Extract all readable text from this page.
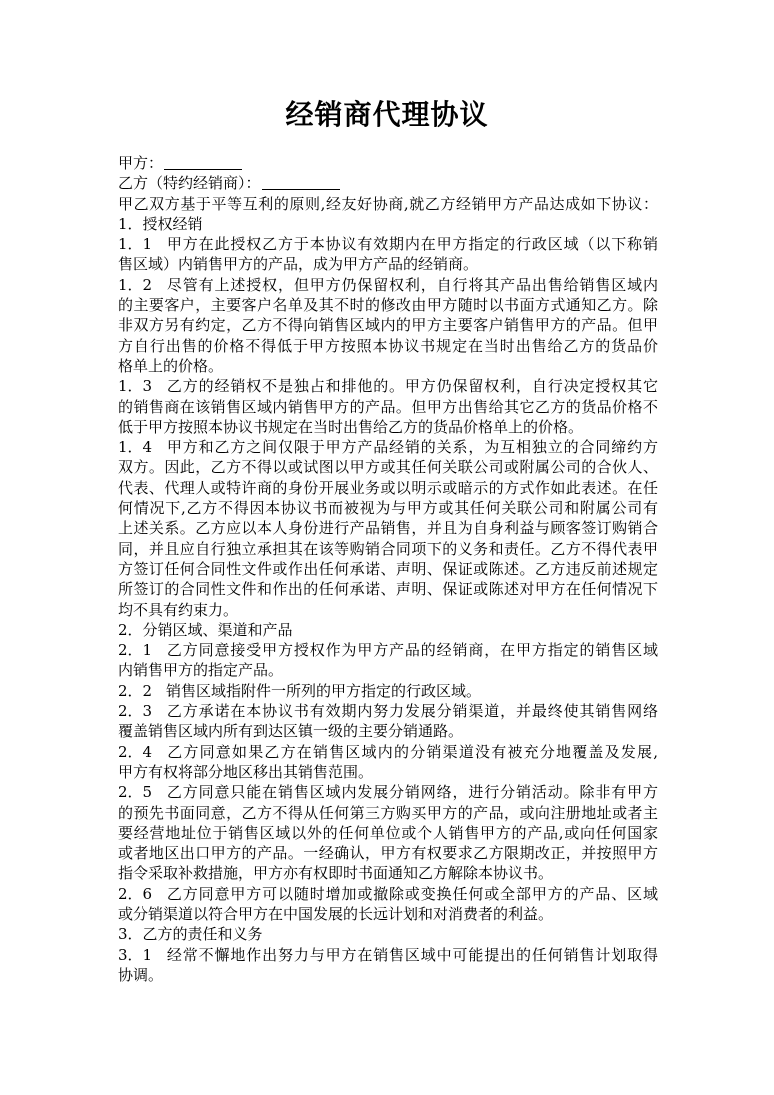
经销商代理协议
甲方：
乙方（特约经销商）：
甲乙双方基于平等互利的原则,经友好协商,就乙方经销甲方产品达成如下协议：
1．授权经销
1．1 甲方在此授权乙方于本协议有效期内在甲方指定的行政区域（以下称销
售区域）内销售甲方的产品，成为甲方产品的经销商。
1．2 尽管有上述授权，但甲方仍保留权利，自行将其产品出售给销售区域内
的主要客户，主要客户名单及其不时的修改由甲方随时以书面方式通知乙方。除
非双方另有约定，乙方不得向销售区域内的甲方主要客户销售甲方的产品。但甲
方自行出售的价格不得低于甲方按照本协议书规定在当时出售给乙方的货品价
格单上的价格。
1．3 乙方的经销权不是独占和排他的。甲方仍保留权利，自行决定授权其它
的销售商在该销售区域内销售甲方的产品。但甲方出售给其它乙方的货品价格不
低于甲方按照本协议书规定在当时出售给乙方的货品价格单上的价格。
1．4 甲方和乙方之间仅限于甲方产品经销的关系，为互相独立的合同缔约方
双方。因此，乙方不得以或试图以甲方或其任何关联公司或附属公司的合伙人、
代表、代理人或特许商的身份开展业务或以明示或暗示的方式作如此表述。在任
何情况下,乙方不得因本协议书而被视为与甲方或其任何关联公司和附属公司有
上述关系。乙方应以本人身份进行产品销售，并且为自身利益与顾客签订购销合
同，并且应自行独立承担其在该等购销合同项下的义务和责任。乙方不得代表甲
方签订任何合同性文件或作出任何承诺、声明、保证或陈述。乙方违反前述规定
所签订的合同性文件和作出的任何承诺、声明、保证或陈述对甲方在任何情况下
均不具有约束力。
2．分销区域、渠道和产品
2．1 乙方同意接受甲方授权作为甲方产品的经销商，在甲方指定的销售区域
内销售甲方的指定产品。
2．2 销售区域指附件一所列的甲方指定的行政区域。
2．3 乙方承诺在本协议书有效期内努力发展分销渠道，并最终使其销售网络
覆盖销售区域内所有到达区镇一级的主要分销通路。
2．4 乙方同意如果乙方在销售区域内的分销渠道没有被充分地覆盖及发展,
甲方有权将部分地区移出其销售范围。
2．5 乙方同意只能在销售区域内发展分销网络，进行分销活动。除非有甲方
的预先书面同意，乙方不得从任何第三方购买甲方的产品，或向注册地址或者主
要经营地址位于销售区域以外的任何单位或个人销售甲方的产品,或向任何国家
或者地区出口甲方的产品。一经确认，甲方有权要求乙方限期改正，并按照甲方
指令采取补救措施，甲方亦有权即时书面通知乙方解除本协议书。
2．6 乙方同意甲方可以随时增加或撤除或变换任何或全部甲方的产品、区域
或分销渠道以符合甲方在中国发展的长远计划和对消费者的利益。
3．乙方的责任和义务
3．1 经常不懈地作出努力与甲方在销售区域中可能提出的任何销售计划取得
协调。
